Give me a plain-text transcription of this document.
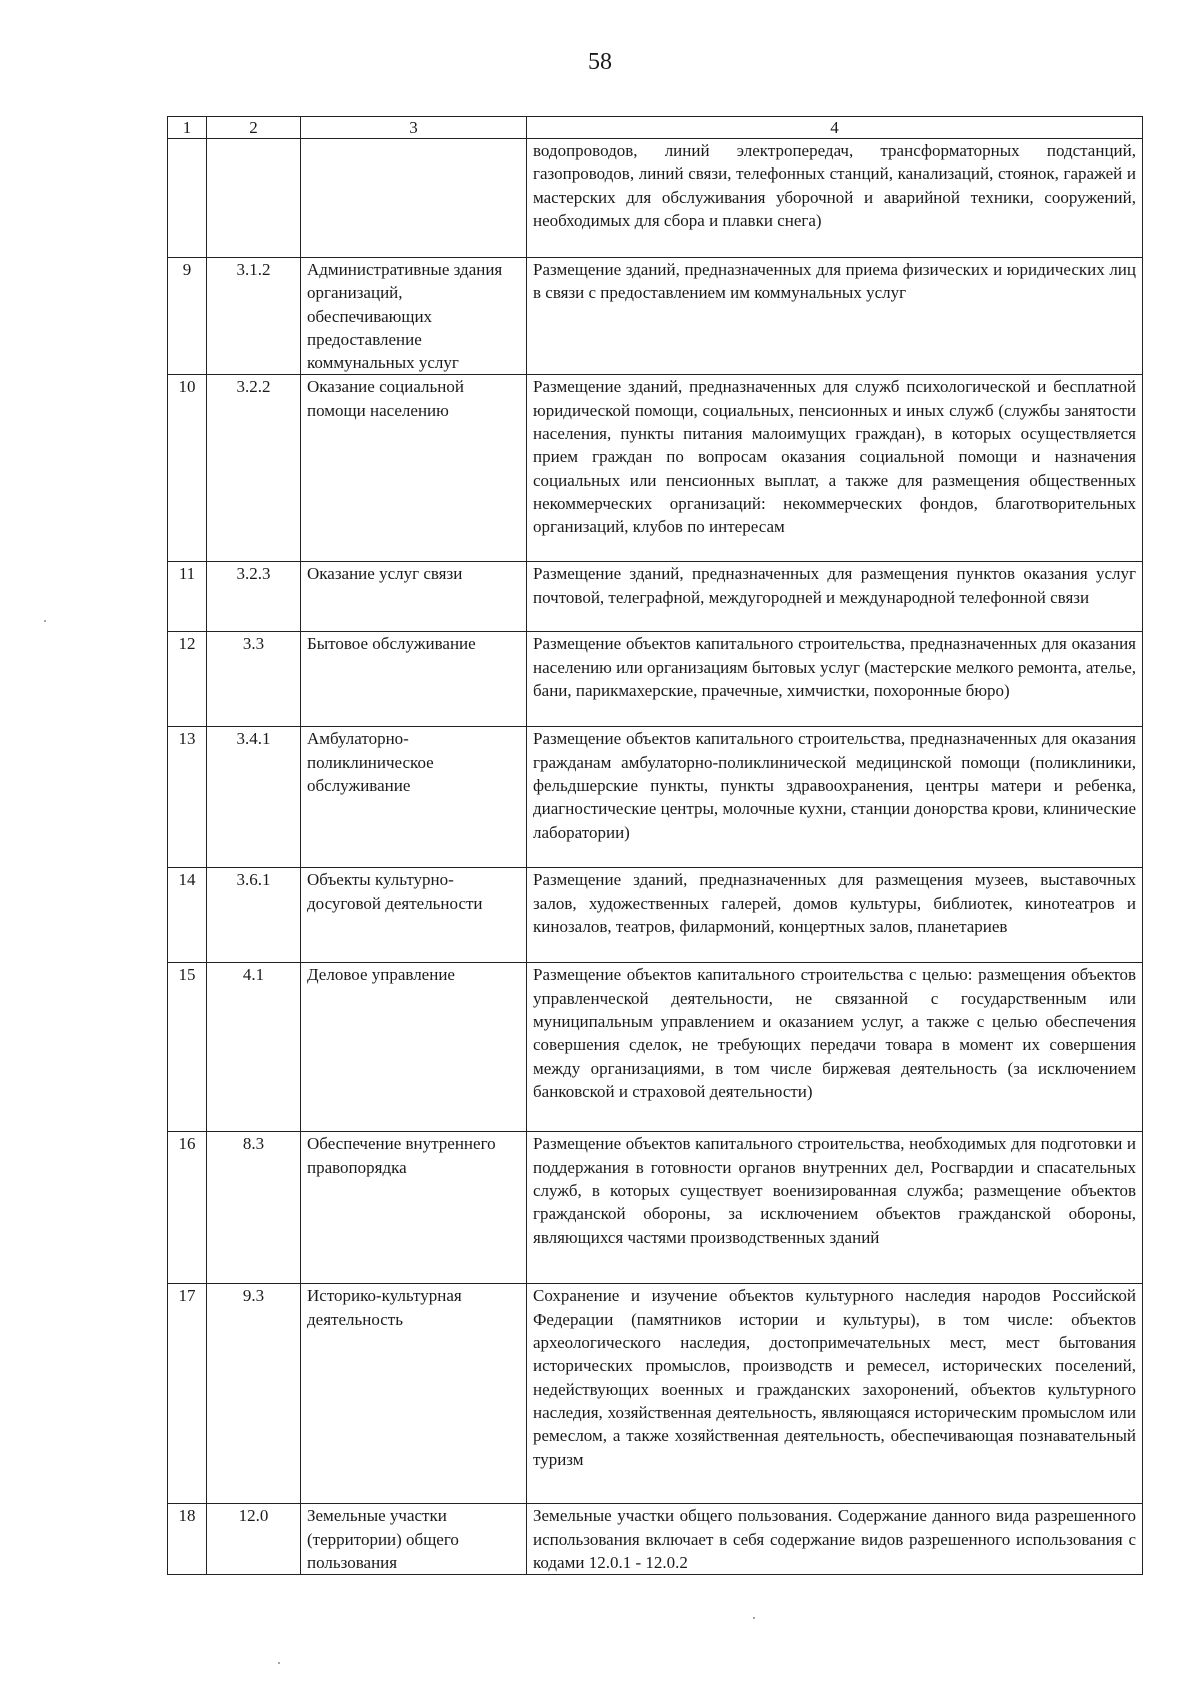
58
1	2	3	4

			водопроводов, линий электропередач, трансформаторных подстанций, газопроводов, линий связи, телефонных станций, канализаций, стоянок, гаражей и мастерских для обслуживания уборочной и аварийной техники, сооружений, необходимых для сбора и плавки снега)

9	3.1.2	Административные здания организаций, обеспечивающих предоставление коммунальных услуг	Размещение зданий, предназначенных для приема физических и юридических лиц в связи с предоставлением им коммунальных услуг

10	3.2.2	Оказание социальной помощи населению	Размещение зданий, предназначенных для служб психологической и бесплатной юридической помощи, социальных, пенсионных и иных служб (службы занятости населения, пункты питания малоимущих граждан), в которых осуществляется прием граждан по вопросам оказания социальной помощи и назначения социальных или пенсионных выплат, а также для размещения общественных некоммерческих организаций: некоммерческих фондов, благотворительных организаций, клубов по интересам

11	3.2.3	Оказание услуг связи	Размещение зданий, предназначенных для размещения пунктов оказания услуг почтовой, телеграфной, междугородней и международной телефонной связи

12	3.3	Бытовое обслуживание	Размещение объектов капитального строительства, предназначенных для оказания населению или организациям бытовых услуг (мастерские мелкого ремонта, ателье, бани, парикмахерские, прачечные, химчистки, похоронные бюро)

13	3.4.1	Амбулаторно-поликлиническое обслуживание	Размещение объектов капитального строительства, предназначенных для оказания гражданам амбулаторно-поликлинической медицинской помощи (поликлиники, фельдшерские пункты, пункты здравоохранения, центры матери и ребенка, диагностические центры, молочные кухни, станции донорства крови, клинические лаборатории)

14	3.6.1	Объекты культурно-досуговой деятельности	Размещение зданий, предназначенных для размещения музеев, выставочных залов, художественных галерей, домов культуры, библиотек, кинотеатров и кинозалов, театров, филармоний, концертных залов, планетариев

15	4.1	Деловое управление	Размещение объектов капитального строительства с целью: размещения объектов управленческой деятельности, не связанной с государственным или муниципальным управлением и оказанием услуг, а также с целью обеспечения совершения сделок, не требующих передачи товара в момент их совершения между организациями, в том числе биржевая деятельность (за исключением банковской и страховой деятельности)

16	8.3	Обеспечение внутреннего правопорядка	Размещение объектов капитального строительства, необходимых для подготовки и поддержания в готовности органов внутренних дел, Росгвардии и спасательных служб, в которых существует военизированная служба; размещение объектов гражданской обороны, за исключением объектов гражданской обороны, являющихся частями производственных зданий

17	9.3	Историко-культурная деятельность	Сохранение и изучение объектов культурного наследия народов Российской Федерации (памятников истории и культуры), в том числе: объектов археологического наследия, достопримечательных мест, мест бытования исторических промыслов, производств и ремесел, исторических поселений, недействующих военных и гражданских захоронений, объектов культурного наследия, хозяйственная деятельность, являющаяся историческим промыслом или ремеслом, а также хозяйственная деятельность, обеспечивающая познавательный туризм

18	12.0	Земельные участки (территории) общего пользования	Земельные участки общего пользования. Содержание данного вида разрешенного использования включает в себя содержание видов разрешенного использования с кодами 12.0.1 - 12.0.2
